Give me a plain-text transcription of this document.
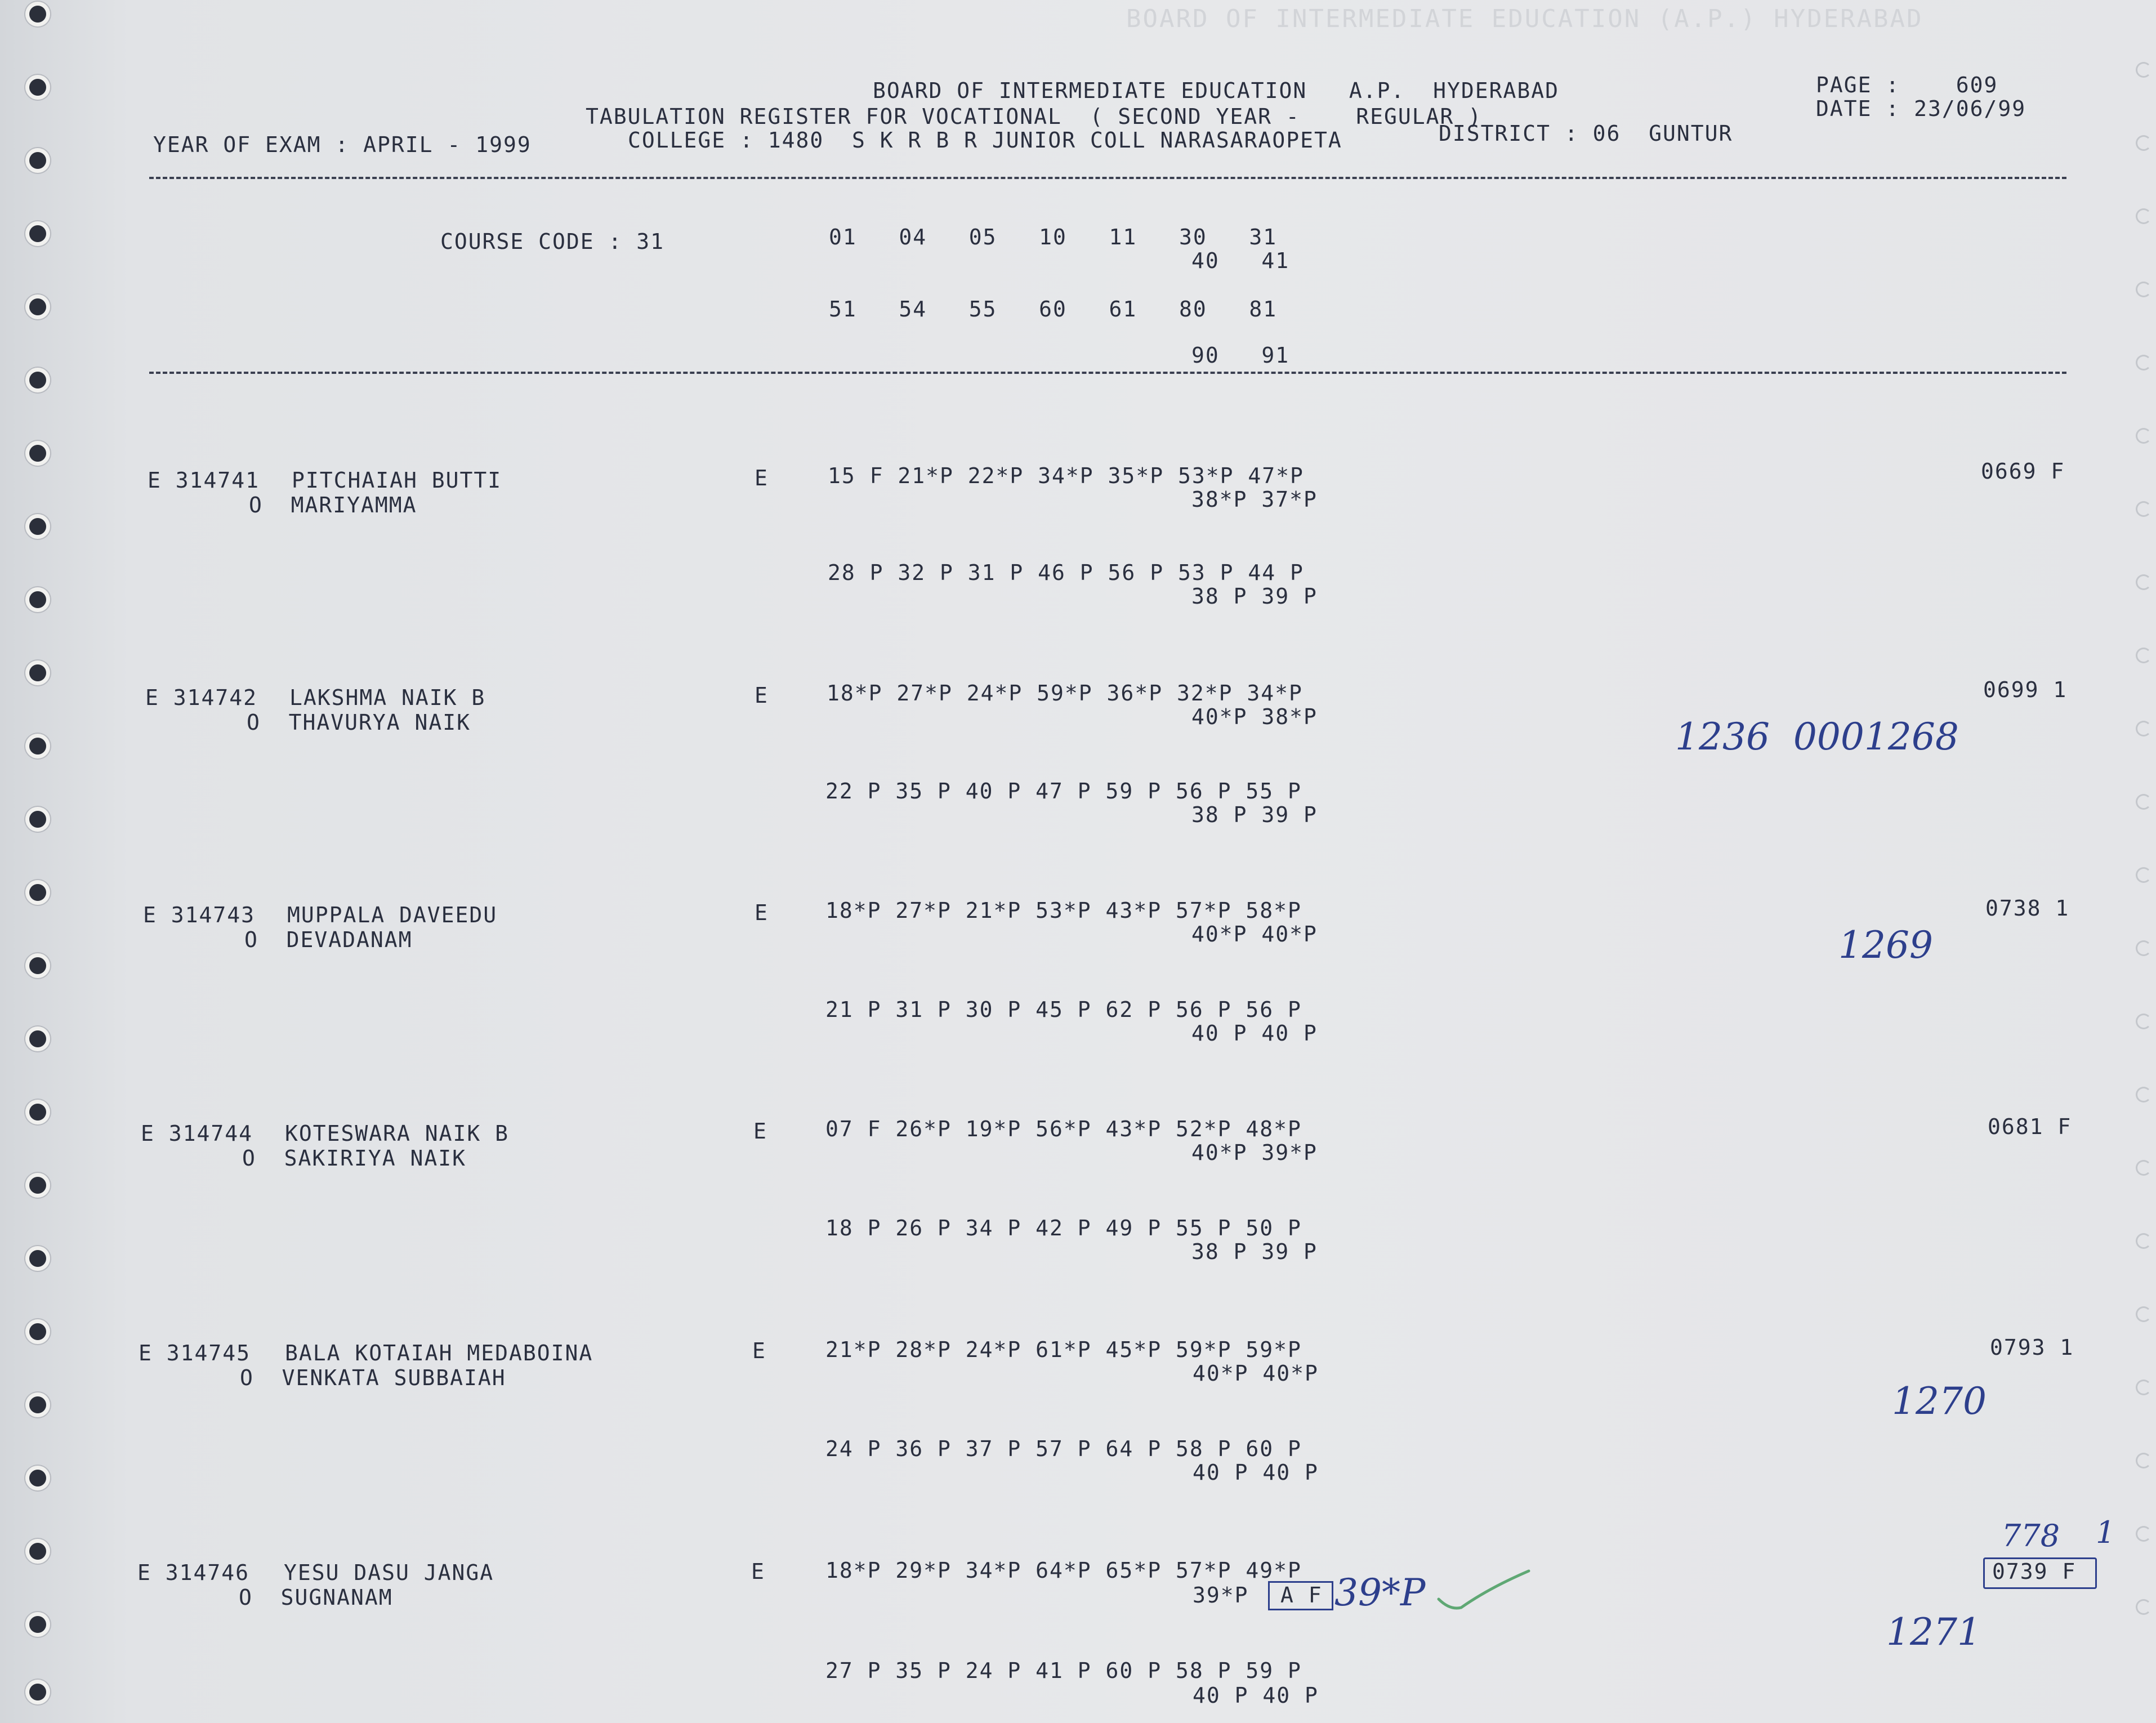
BOARD OF INTERMEDIATE EDUCATION (A.P.) HYDERABAD
BOARD OF INTERMEDIATE EDUCATION   A.P.  HYDERABAD
TABULATION REGISTER FOR VOCATIONAL  ( SECOND YEAR -    REGULAR )
YEAR OF EXAM : APRIL - 1999	COLLEGE : 1480  S K R B R JUNIOR COLL NARASARAOPETA	DISTRICT : 06  GUNTUR
PAGE :    609
DATE : 23/06/99
COURSE CODE : 31	01   04   05   10   11   30   31
40   41
51   54   55   60   61   80   81
90   91
E 314741 PITCHAIAH BUTTI
O  MARIYAMMA
E	15 F 21*P 22*P 34*P 35*P 53*P 47*P
38*P 37*P
28 P 32 P 31 P 46 P 56 P 53 P 44 P
38 P 39 P
0669 F
E 314742 LAKSHMA NAIK B
O  THAVURYA NAIK
E	18*P 27*P 24*P 59*P 36*P 32*P 34*P
40*P 38*P
22 P 35 P 40 P 47 P 59 P 56 P 55 P
38 P 39 P
0699 1
1236  0001268
E 314743 MUPPALA DAVEEDU
O  DEVADANAM
E	18*P 27*P 21*P 53*P 43*P 57*P 58*P
40*P 40*P
21 P 31 P 30 P 45 P 62 P 56 P 56 P
40 P 40 P
0738 1
1269
E 314744 KOTESWARA NAIK B
O  SAKIRIYA NAIK
E	07 F 26*P 19*P 56*P 43*P 52*P 48*P
40*P 39*P
18 P 26 P 34 P 42 P 49 P 55 P 50 P
38 P 39 P
0681 F
E 314745 BALA KOTAIAH MEDABOINA
O  VENKATA SUBBAIAH
E	21*P 28*P 24*P 61*P 45*P 59*P 59*P
40*P 40*P
24 P 36 P 37 P 57 P 64 P 58 P 60 P
40 P 40 P
0793 1
1270
E 314746 YESU DASU JANGA
O  SUGNANAM
E	18*P 29*P 34*P 64*P 65*P 57*P 49*P
39*P A F 39*P
27 P 35 P 24 P 41 P 60 P 58 P 59 P
40 P 40 P
778 1
0739 F
1271
